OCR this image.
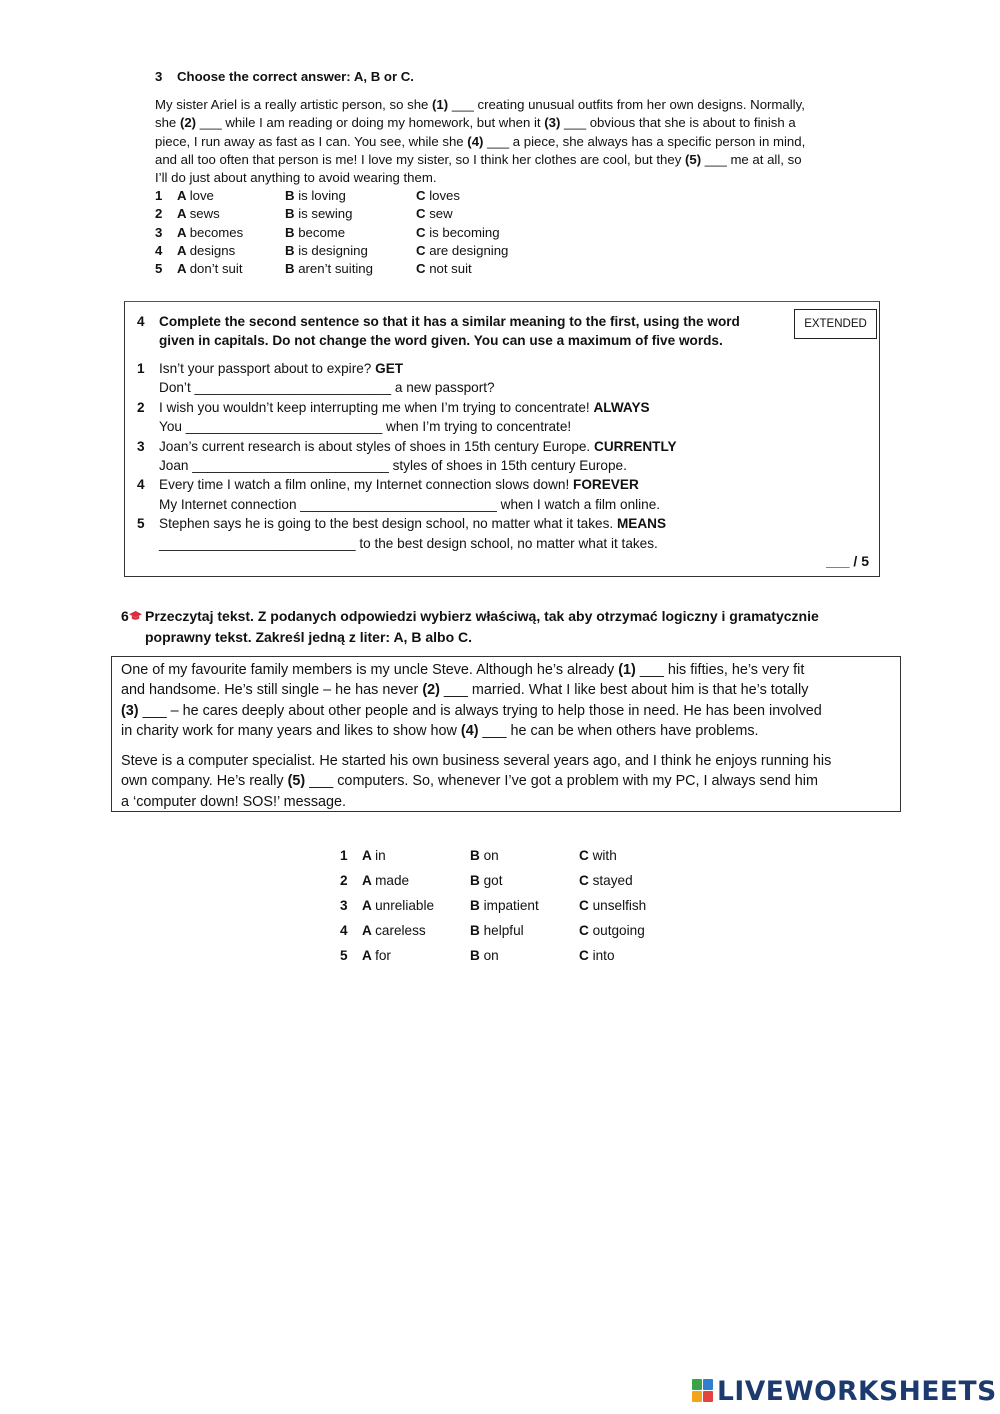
3 Choose the correct answer: A, B or C.
My sister Ariel is a really artistic person, so she (1) ___ creating unusual outfits from her own designs. Normally,
she (2) ___ while I am reading or doing my homework, but when it (3) ___ obvious that she is about to finish a
piece, I run away as fast as I can. You see, while she (4) ___ a piece, she always has a specific person in mind,
and all too often that person is me! I love my sister, so I think her clothes are cool, but they (5) ___ me at all, so
I’ll do just about anything to avoid wearing them.
1 A love	B is loving	C loves
2 A sews	B is sewing	C sew
3 A becomes	B become	C is becoming
4 A designs	B is designing	C are designing
5 A don’t suit	B aren’t suiting	C not suit
4 Complete the second sentence so that it has a similar meaning to the first, using the word
given in capitals. Do not change the word given. You can use a maximum of five words.
EXTENDED
1 Isn’t your passport about to expire? GET
Don’t __________________________ a new passport?
2 I wish you wouldn’t keep interrupting me when I’m trying to concentrate! ALWAYS
You __________________________ when I’m trying to concentrate!
3 Joan’s current research is about styles of shoes in 15th century Europe. CURRENTLY
Joan __________________________ styles of shoes in 15th century Europe.
4 Every time I watch a film online, my Internet connection slows down! FOREVER
My Internet connection __________________________ when I watch a film online.
5 Stephen says he is going to the best design school, no matter what it takes. MEANS
__________________________ to the best design school, no matter what it takes.
___ / 5
6 Przeczytaj tekst. Z podanych odpowiedzi wybierz właściwą, tak aby otrzymać logiczny i gramatycznie
poprawny tekst. Zakreśl jedną z liter: A, B albo C.

One of my favourite family members is my uncle Steve. Although he’s already (1) ___ his fifties, he’s very fit
and handsome. He’s still single – he has never (2) ___ married. What I like best about him is that he’s totally
(3) ___ – he cares deeply about other people and is always trying to help those in need. He has been involved
in charity work for many years and likes to show how (4) ___ he can be when others have problems.

Steve is a computer specialist. He started his own business several years ago, and I think he enjoys running his
own company. He’s really (5) ___ computers. So, whenever I’ve got a problem with my PC, I always send him
a ‘computer down! SOS!’ message.

1 A in	B on	C with
2 A made	B got	C stayed
3 A unreliable	B impatient	C unselfish
4 A careless	B helpful	C outgoing
5 A for	B on	C into
LIVEWORKSHEETS
